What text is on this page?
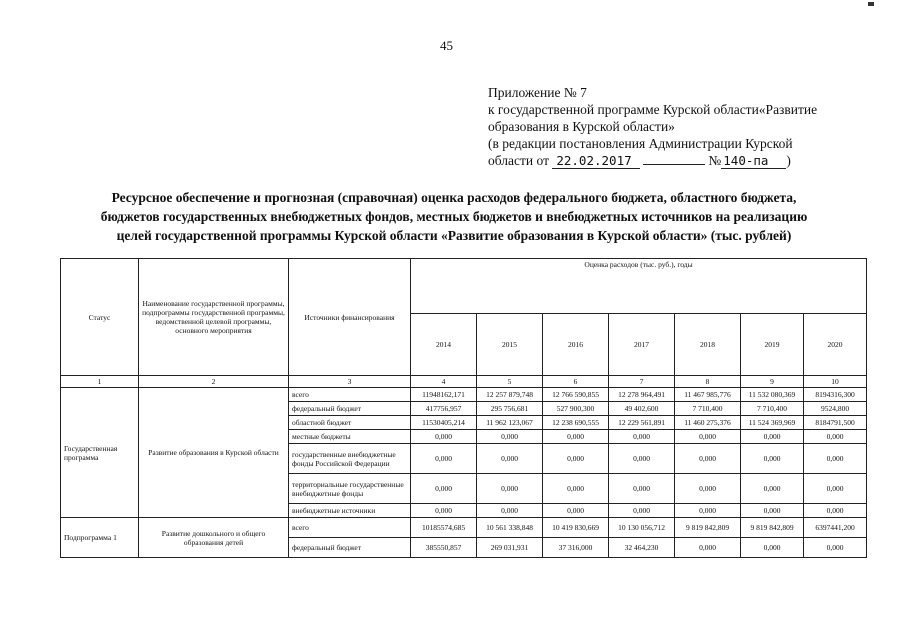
45
Приложение № 7
к государственной программе Курской области«Развитие
образования в Курской области»
(в редакции постановления Администрации Курской
области от 22.02.2017	№ 140-па )
Ресурсное обеспечение и прогнозная (справочная) оценка расходов федерального бюджета, областного бюджета,
бюджетов государственных внебюджетных фондов, местных бюджетов и внебюджетных источников на реализацию
целей государственной программы Курской области «Развитие образования в Курской области» (тыс. рублей)
Статус	Наименование государственной программы, подпрограммы государственной программы, ведомственной целевой программы, основного мероприятия	Источники финансирования	Оценка расходов (тыс. руб.), годы						
			2014	2015	2016	2017	2018	2019	2020
1	2	3	4	5	6	7	8	9	10
Государственная программа	Развитие образования в Курской области	всего	11948162,171	12 257 879,748	12 766 590,855	12 278 964,491	11 467 985,776	11 532 080,369	8194316,300
		федеральный бюджет	417756,957	295 756,681	527 900,300	49 402,600	7 710,400	7 710,400	9524,800
		областной бюджет	11530405,214	11 962 123,067	12 238 690,555	12 229 561,891	11 460 275,376	11 524 369,969	8184791,500
		местные бюджеты	0,000	0,000	0,000	0,000	0,000	0,000	0,000
		государственные внебюджетные фонды Российской Федерации	0,000	0,000	0,000	0,000	0,000	0,000	0,000
		территориальные государственные внебюджетные фонды	0,000	0,000	0,000	0,000	0,000	0,000	0,000
		внебюджетные источники	0,000	0,000	0,000	0,000	0,000	0,000	0,000
Подпрограмма 1	Развитие дошкольного и общего образования детей	всего	10185574,685	10 561 338,848	10 419 830,669	10 130 056,712	9 819 842,809	9 819 842,809	6397441,200
		федеральный бюджет	385550,857	269 031,931	37 316,000	32 464,230	0,000	0,000	0,000
